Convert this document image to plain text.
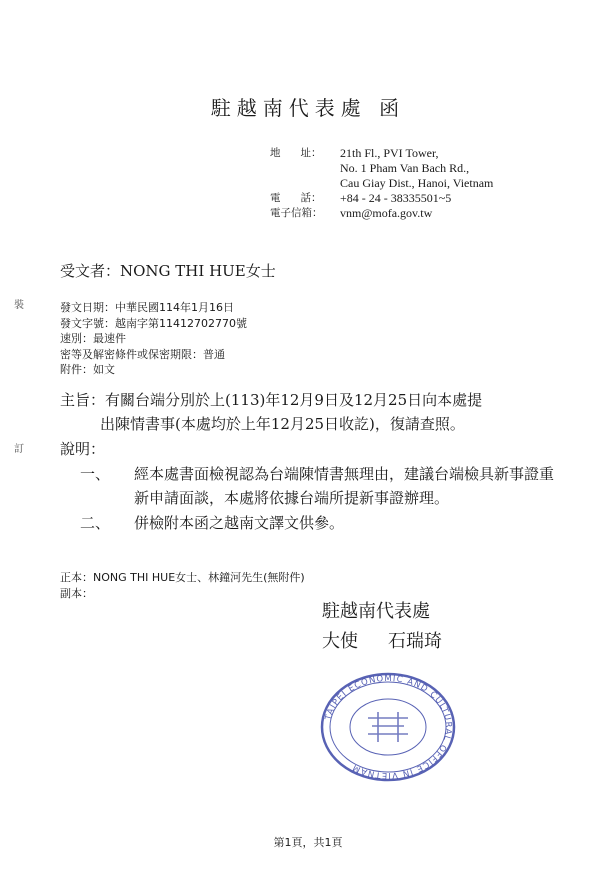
駐越南代表處 函
地      址：	21th Fl., PVI Tower,
No. 1 Pham Van Bach Rd.,
Cau Giay Dist., Hanoi, Vietnam
電      話：	+84 - 24 - 38335501~5
電子信箱：	vnm@mofa.gov.tw
受文者：NONG THI HUE女士
發文日期：中華民國114年1月16日
發文字號：越南字第11412702770號
速別：最速件
密等及解密條件或保密期限：普通
附件：如文
主旨：有關台端分別於上(113)年12月9日及12月25日向本處提
出陳情書事(本處均於上年12月25日收訖)，復請查照。
說明：
一、	經本處書面檢視認為台端陳情書無理由，建議台端檢具新事證重新申請面談，本處將依據台端所提新事證辦理。
二、	併檢附本函之越南文譯文供參。
正本：NONG THI HUE女士、林鐘河先生(無附件)
副本：
駐越南代表處
大使 石瑞琦
TAIPEI ECONOMIC AND CULTURAL OFFICE IN VIETNAM
裝
訂
第1頁，共1頁
